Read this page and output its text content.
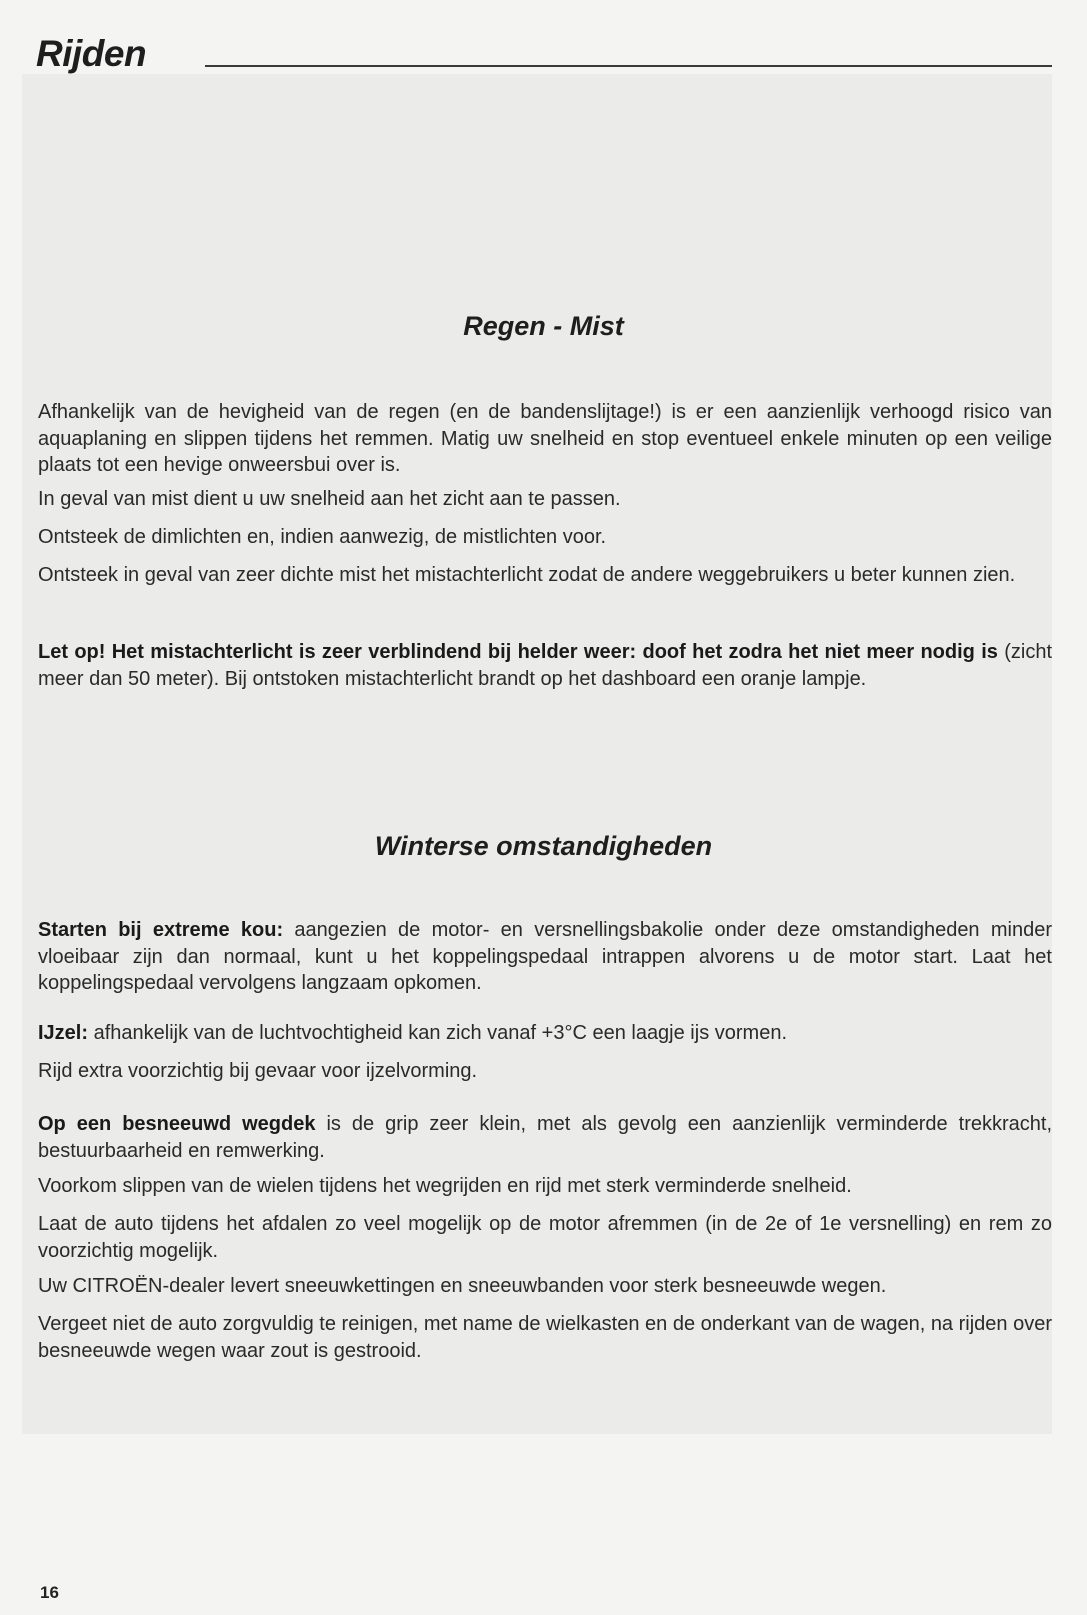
Rijden
Regen - Mist

Afhankelijk van de hevigheid van de regen (en de bandenslijtage!) is er een aanzienlijk verhoogd risico van aquaplaning en slippen tijdens het remmen. Matig uw snelheid en stop eventueel enkele minuten op een veilige plaats tot een hevige onweersbui over is.

In geval van mist dient u uw snelheid aan het zicht aan te passen.

Ontsteek de dimlichten en, indien aanwezig, de mistlichten voor.

Ontsteek in geval van zeer dichte mist het mistachterlicht zodat de andere weggebruikers u beter kunnen zien.

Let op! Het mistachterlicht is zeer verblindend bij helder weer: doof het zodra het niet meer nodig is (zicht meer dan 50 meter). Bij ontstoken mistachterlicht brandt op het dashboard een oranje lampje.

Winterse omstandigheden

Starten bij extreme kou: aangezien de motor- en versnellingsbakolie onder deze omstandigheden minder vloeibaar zijn dan normaal, kunt u het koppelingspedaal intrappen alvorens u de motor start. Laat het koppelingspedaal vervolgens langzaam opkomen.

IJzel: afhankelijk van de luchtvochtigheid kan zich vanaf +3°C een laagje ijs vormen.

Rijd extra voorzichtig bij gevaar voor ijzelvorming.

Op een besneeuwd wegdek is de grip zeer klein, met als gevolg een aanzienlijk verminderde trekkracht, bestuurbaarheid en remwerking.

Voorkom slippen van de wielen tijdens het wegrijden en rijd met sterk verminderde snelheid.

Laat de auto tijdens het afdalen zo veel mogelijk op de motor afremmen (in de 2e of 1e versnelling) en rem zo voorzichtig mogelijk.

Uw CITROËN-dealer levert sneeuwkettingen en sneeuwbanden voor sterk besneeuwde wegen.

Vergeet niet de auto zorgvuldig te reinigen, met name de wielkasten en de onderkant van de wagen, na rijden over besneeuwde wegen waar zout is gestrooid.

16
